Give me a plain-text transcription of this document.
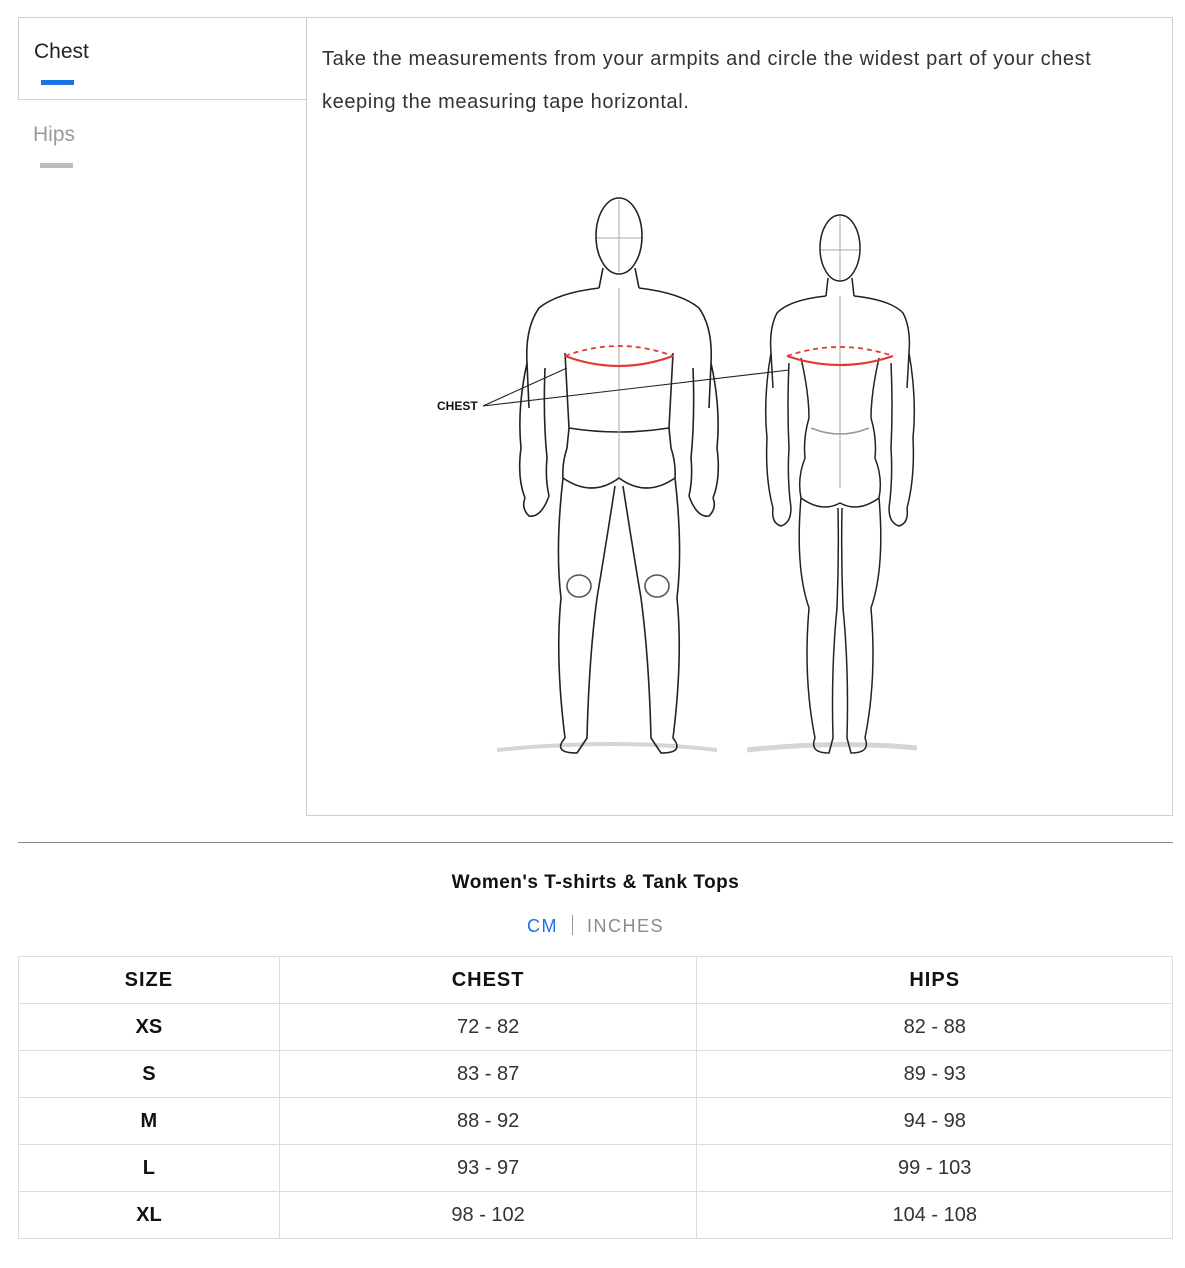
Chest
Hips

Take the measurements from your armpits and circle the widest part of your chest keeping the measuring tape horizontal.

CHEST
Women's T-shirts & Tank Tops
CM INCHES
SIZE	CHEST	HIPS
XS	72 - 82	82 - 88
S	83 - 87	89 - 93
M	88 - 92	94 - 98
L	93 - 97	99 - 103
XL	98 - 102	104 - 108
